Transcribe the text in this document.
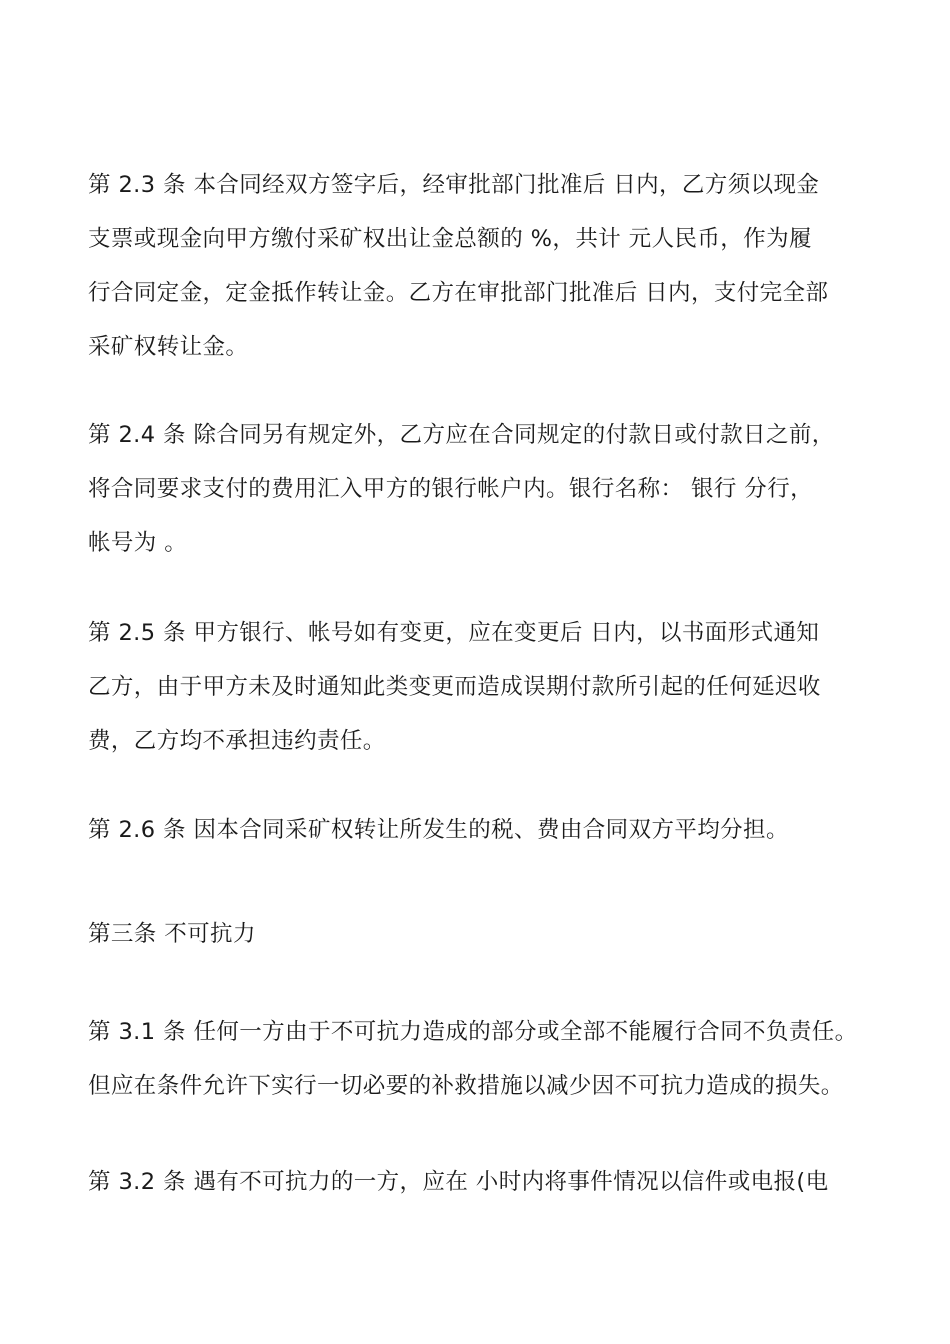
第 2.3 条 本合同经双方签字后，经审批部门批准后 日内，乙方须以现金
支票或现金向甲方缴付采矿权出让金总额的 %，共计 元人民币，作为履
行合同定金，定金抵作转让金。乙方在审批部门批准后 日内，支付完全部
采矿权转让金。
第 2.4 条 除合同另有规定外，乙方应在合同规定的付款日或付款日之前，
将合同要求支付的费用汇入甲方的银行帐户内。银行名称： 银行 分行，
帐号为 。
第 2.5 条 甲方银行、帐号如有变更，应在变更后 日内，以书面形式通知
乙方，由于甲方未及时通知此类变更而造成误期付款所引起的任何延迟收
费，乙方均不承担违约责任。
第 2.6 条 因本合同采矿权转让所发生的税、费由合同双方平均分担。
第三条 不可抗力
第 3.1 条 任何一方由于不可抗力造成的部分或全部不能履行合同不负责任。
但应在条件允许下实行一切必要的补救措施以减少因不可抗力造成的损失。
第 3.2 条 遇有不可抗力的一方，应在 小时内将事件情况以信件或电报(电
